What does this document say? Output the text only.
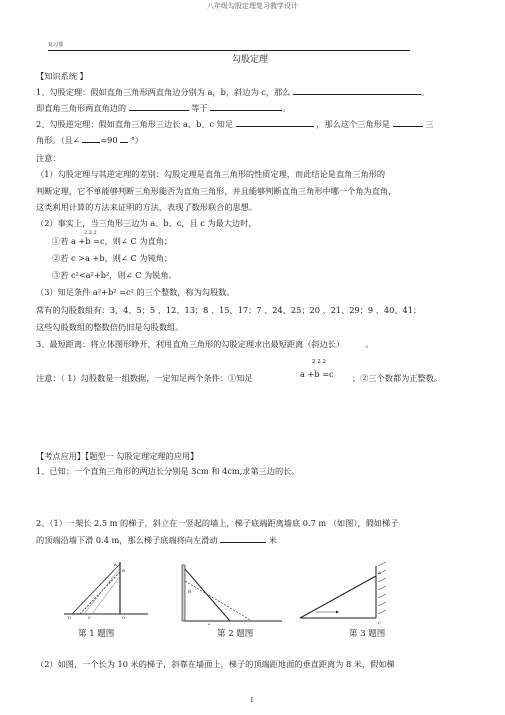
八年级勾股定理复习教学设计
复习课
勾股定理
【知识系统 】
1、勾股定理：假如直角三角形两直角边分别为 a，b，斜边为 c，那么	。
即直角三角形两直角边的	等于	。
2、勾股逆定理：假如直角三角形三边长 a、b、c 知足	，那么这个三角形是	三
角形。（且∠	=90 °）
注意：
（1）勾股定理与其逆定理的差别：勾股定理是直角三角形的性质定理，而此结论是直角三角形的
判断定理，它不单能够判断三角形能否为直角三角形，并且能够判断直角三角形中哪一个角为直角，
这类利用计算的方法来证明的方法，表现了数形联合的思想。
（2）事实上，当三角形三边为 a、b、c，且 c 为最大边时，
2 2 2
①若 a +b =c，则∠ C 为直角；
②若 c >a +b，则∠ C 为钝角；
③若 c²<a²+b²，则∠ C 为锐角。
（3）知足条件 a²+b² =c² 的三个整数，称为勾股数。
常有的勾股数组有：3、4、5；5 、12、13；8 、15、17；7 、24、25；20 、21、29；9 、40、41；
这些勾股数组的整数倍仍旧是勾股数组。
3、最短距离：将立体图形睁开，利用直角三角形的勾股定理求出最短距离（斜边长）	。
注意：（ 1）勾股数是一组数据，一定知足两个条件：①知足
2 2 2
a +b =c ；②三个数都为正整数。
【考点应用】【题型一 勾股定理定理的应用】
1、已知：一个直角三角形的两边长分别是 3cm 和 4cm,求第三边的长。
2、（1）一架长 2.5 m 的梯子，斜立在一竖起的墙上，梯子底端距离墙底 0.7 m （如图），假如梯子
的顶端沿墙下滑 0.4 m，那么梯子底端将向左滑动	米
A
B
D	C	O
第 1 题图
8
6
第 2 题图
A
C
第 3 题图
（2）如图，一个长为 10 米的梯子，斜靠在墙面上，梯子的顶端距地面的垂直距离为 8 米，假如梯
1
